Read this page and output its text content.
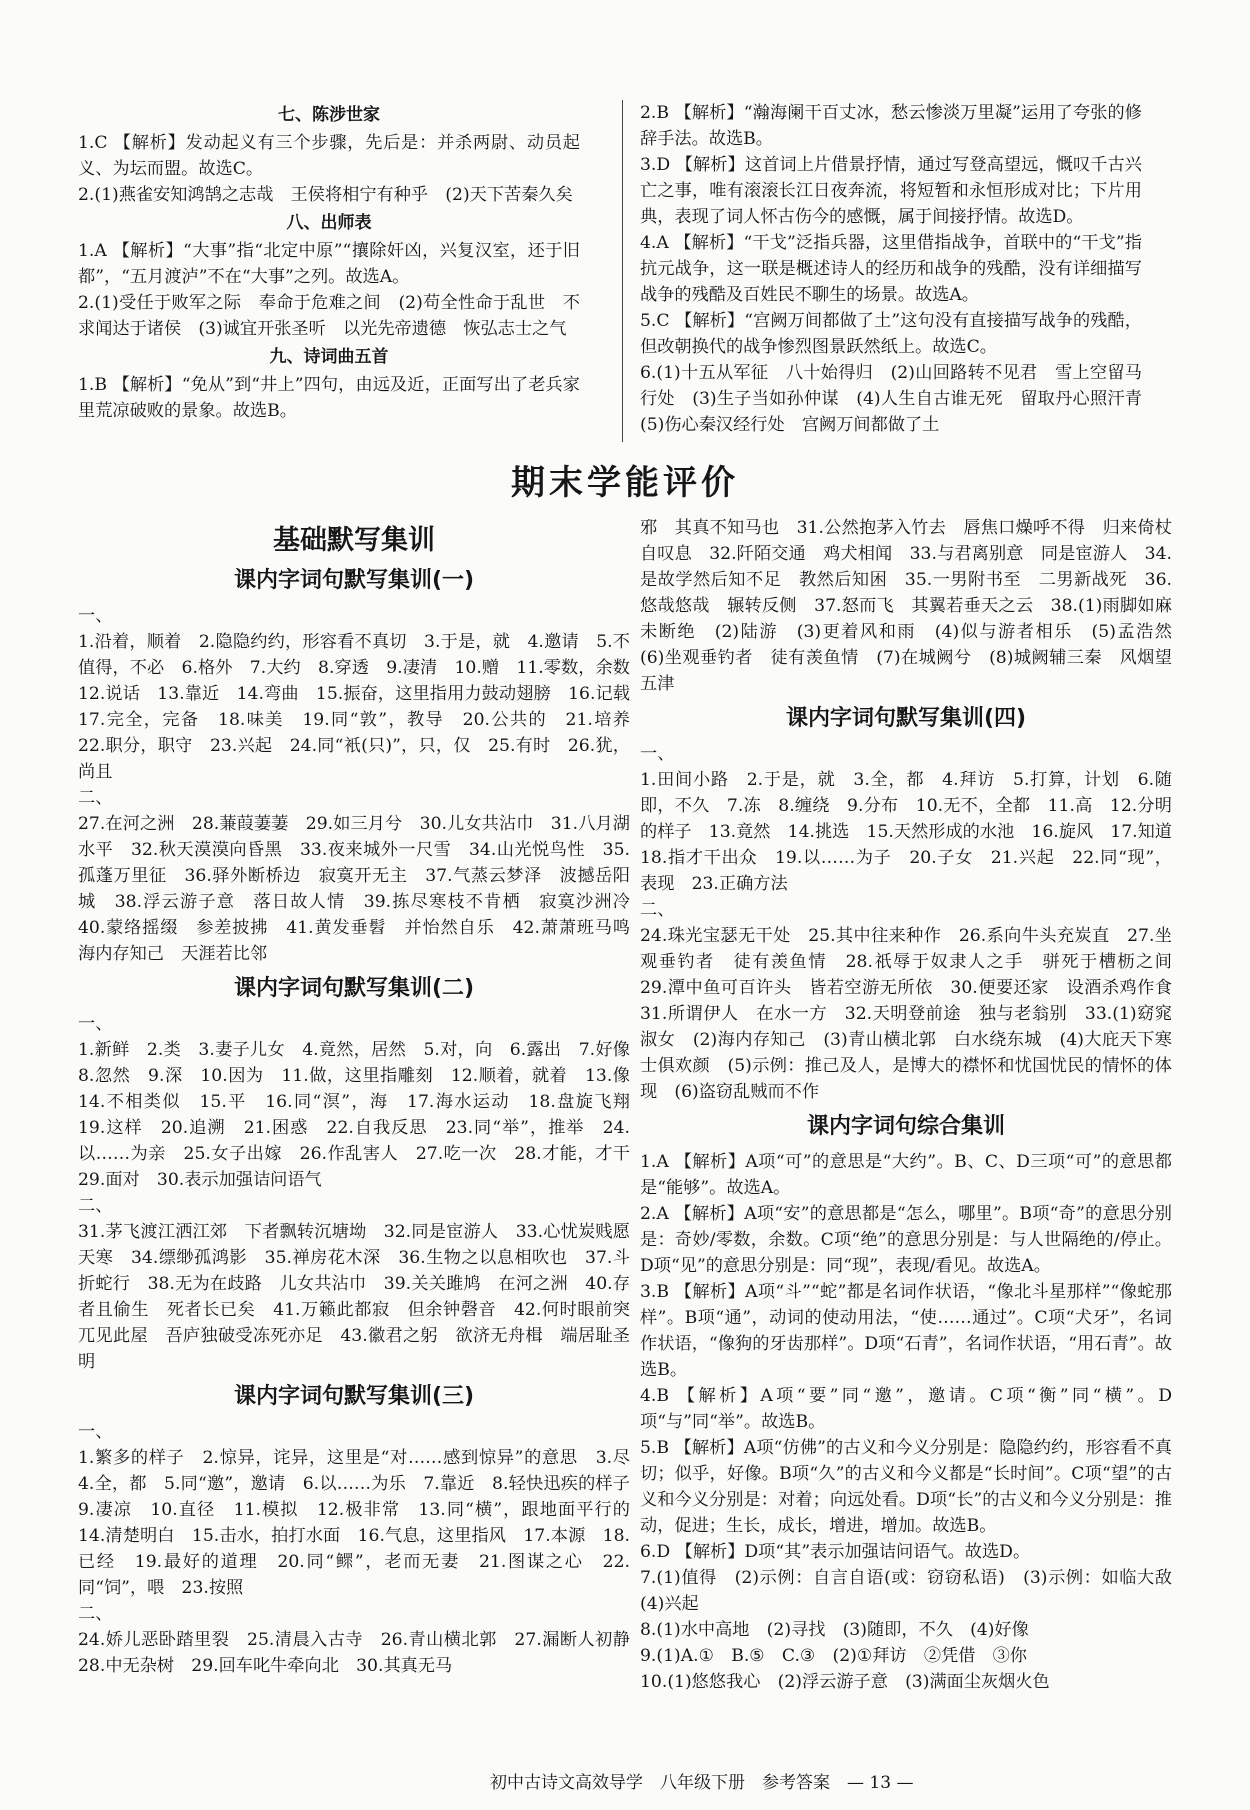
七、陈涉世家

1.C 【解析】发动起义有三个步骤，先后是：并杀两尉、动员起义、为坛而盟。故选C。

2.(1)燕雀安知鸿鹄之志哉　王侯将相宁有种乎　(2)天下苦秦久矣

八、出师表

1.A 【解析】“大事”指“北定中原”“攘除奸凶，兴复汉室，还于旧都”，“五月渡泸”不在“大事”之列。故选A。

2.(1)受任于败军之际　奉命于危难之间　(2)苟全性命于乱世　不求闻达于诸侯　(3)诚宜开张圣听　以光先帝遗德　恢弘志士之气

九、诗词曲五首

1.B 【解析】“免从”到“井上”四句，由远及近，正面写出了老兵家里荒凉破败的景象。故选B。

2.B 【解析】“瀚海阑干百丈冰，愁云惨淡万里凝”运用了夸张的修辞手法。故选B。

3.D 【解析】这首词上片借景抒情，通过写登高望远，慨叹千古兴亡之事，唯有滚滚长江日夜奔流，将短暂和永恒形成对比；下片用典，表现了词人怀古伤今的感慨，属于间接抒情。故选D。

4.A 【解析】“干戈”泛指兵器，这里借指战争，首联中的“干戈”指抗元战争，这一联是概述诗人的经历和战争的残酷，没有详细描写战争的残酷及百姓民不聊生的场景。故选A。

5.C 【解析】“宫阙万间都做了土”这句没有直接描写战争的残酷，但改朝换代的战争惨烈图景跃然纸上。故选C。

6.(1)十五从军征　八十始得归　(2)山回路转不见君　雪上空留马行处　(3)生子当如孙仲谋　(4)人生自古谁无死　留取丹心照汗青　(5)伤心秦汉经行处　宫阙万间都做了土

期末学能评价
基础默写集训
课内字词句默写集训(一)

一、

1.沿着，顺着　2.隐隐约约，形容看不真切　3.于是，就　4.邀请　5.不值得，不必　6.格外　7.大约　8.穿透　9.凄清　10.赠　11.零数，余数　12.说话　13.靠近　14.弯曲　15.振奋，这里指用力鼓动翅膀　16.记载　17.完全，完备　18.味美　19.同“敦”，教导　20.公共的　21.培养　22.职分，职守　23.兴起　24.同“衹(只)”，只，仅　25.有时　26.犹，尚且

二、

27.在河之洲　28.蒹葭萋萋　29.如三月兮　30.儿女共沾巾　31.八月湖水平　32.秋天漠漠向昏黑　33.夜来城外一尺雪　34.山光悦鸟性　35.孤蓬万里征　36.驿外断桥边　寂寞开无主　37.气蒸云梦泽　波撼岳阳城　38.浮云游子意　落日故人情　39.拣尽寒枝不肯栖　寂寞沙洲冷　40.蒙络摇缀　参差披拂　41.黄发垂髫　并怡然自乐　42.萧萧班马鸣　海内存知己　天涯若比邻

课内字词句默写集训(二)

一、

1.新鲜　2.类　3.妻子儿女　4.竟然，居然　5.对，向　6.露出　7.好像　8.忽然　9.深　10.因为　11.做，这里指雕刻　12.顺着，就着　13.像　14.不相类似　15.平　16.同“溟”，海　17.海水运动　18.盘旋飞翔　19.这样　20.追溯　21.困惑　22.自我反思　23.同“举”，推举　24.以……为亲　25.女子出嫁　26.作乱害人　27.吃一次　28.才能，才干　29.面对　30.表示加强诘问语气

二、

31.茅飞渡江洒江郊　下者飘转沉塘坳　32.同是宦游人　33.心忧炭贱愿天寒　34.缥缈孤鸿影　35.禅房花木深　36.生物之以息相吹也　37.斗折蛇行　38.无为在歧路　儿女共沾巾　39.关关雎鸠　在河之洲　40.存者且偷生　死者长已矣　41.万籁此都寂　但余钟磬音　42.何时眼前突兀见此屋　吾庐独破受冻死亦足　43.徽君之躬　欲济无舟楫　端居耻圣明

课内字词句默写集训(三)

一、

1.繁多的样子　2.惊异，诧异，这里是“对……感到惊异”的意思　3.尽　4.全，都　5.同“邀”，邀请　6.以……为乐　7.靠近　8.轻快迅疾的样子　9.凄凉　10.直径　11.模拟　12.极非常　13.同“横”，跟地面平行的　14.清楚明白　15.击水，拍打水面　16.气息，这里指风　17.本源　18.已经　19.最好的道理　20.同“鳏”，老而无妻　21.图谋之心　22.同“饲”，喂　23.按照

二、

24.娇儿恶卧踏里裂　25.清晨入古寺　26.青山横北郭　27.漏断人初静　28.中无杂树　29.回车叱牛牵向北　30.其真无马

邪　其真不知马也　31.公然抱茅入竹去　唇焦口燥呼不得　归来倚杖自叹息　32.阡陌交通　鸡犬相闻　33.与君离别意　同是宦游人　34.是故学然后知不足　教然后知困　35.一男附书至　二男新战死　36.悠哉悠哉　辗转反侧　37.怒而飞　其翼若垂天之云　38.(1)雨脚如麻未断绝　(2)陆游　(3)更着风和雨　(4)似与游者相乐　(5)孟浩然　(6)坐观垂钓者　徒有羡鱼情　(7)在城阙兮　(8)城阙辅三秦　风烟望五津

课内字词句默写集训(四)

一、

1.田间小路　2.于是，就　3.全，都　4.拜访　5.打算，计划　6.随即，不久　7.冻　8.缠绕　9.分布　10.无不，全都　11.高　12.分明的样子　13.竟然　14.挑选　15.天然形成的水池　16.旋风　17.知道　18.指才干出众　19.以……为子　20.子女　21.兴起　22.同“现”，表现　23.正确方法

二、

24.珠光宝瑟无干处　25.其中往来种作　26.系向牛头充炭直　27.坐观垂钓者　徒有羡鱼情　28.祇辱于奴隶人之手　骈死于槽枥之间　29.潭中鱼可百许头　皆若空游无所依　30.便要还家　设酒杀鸡作食　31.所谓伊人　在水一方　32.天明登前途　独与老翁别　33.(1)窈窕淑女　(2)海内存知己　(3)青山横北郭　白水绕东城　(4)大庇天下寒士俱欢颜　(5)示例：推己及人，是博大的襟怀和忧国忧民的情怀的体现　(6)盗窃乱贼而不作

课内字词句综合集训

1.A 【解析】A项“可”的意思是“大约”。B、C、D三项“可”的意思都是“能够”。故选A。

2.A 【解析】A项“安”的意思都是“怎么，哪里”。B项“奇”的意思分别是：奇妙/零数，余数。C项“绝”的意思分别是：与人世隔绝的/停止。D项“见”的意思分别是：同“现”，表现/看见。故选A。

3.B 【解析】A项“斗”“蛇”都是名词作状语，“像北斗星那样”“像蛇那样”。B项“通”，动词的使动用法，“使……通过”。C项“犬牙”，名词作状语，“像狗的牙齿那样”。D项“石青”，名词作状语，“用石青”。故选B。

4.B 【解析】A项“要”同“邀”，邀请。C项“衡”同“横”。D项“与”同“举”。故选B。

5.B 【解析】A项“仿佛”的古义和今义分别是：隐隐约约，形容看不真切；似乎，好像。B项“久”的古义和今义都是“长时间”。C项“望”的古义和今义分别是：对着；向远处看。D项“长”的古义和今义分别是：推动，促进；生长，成长，增进，增加。故选B。

6.D 【解析】D项“其”表示加强诘问语气。故选D。

7.(1)值得　(2)示例：自言自语(或：窃窃私语)　(3)示例：如临大敌　(4)兴起

8.(1)水中高地　(2)寻找　(3)随即，不久　(4)好像

9.(1)A.①　B.⑤　C.③　(2)①拜访　②凭借　③你

10.(1)悠悠我心　(2)浮云游子意　(3)满面尘灰烟火色

初中古诗文高效导学　 八年级下册　 参考答案　 — 13 —
